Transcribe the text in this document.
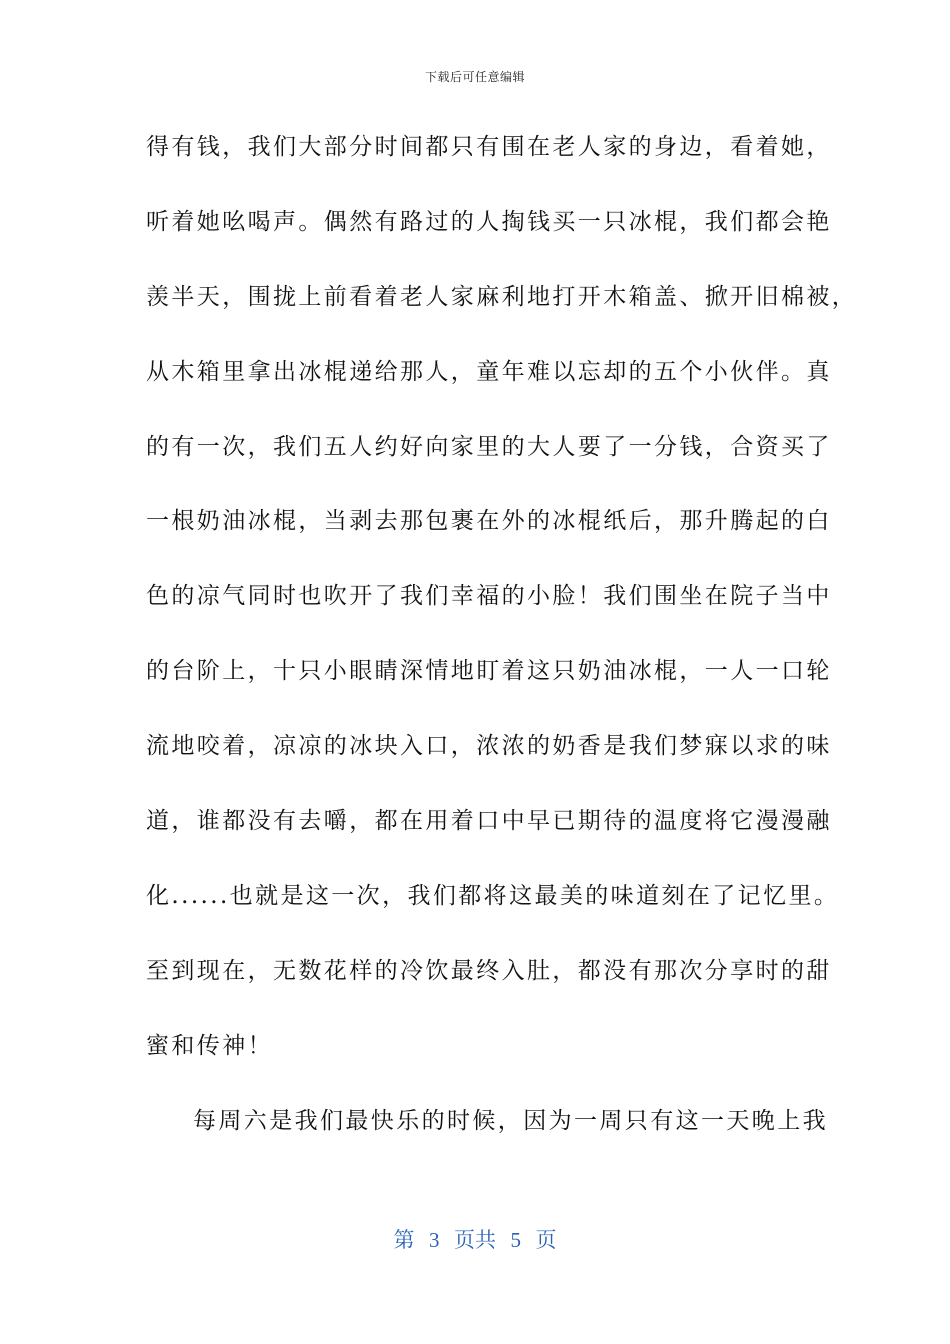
下载后可任意编辑
得有钱，我们大部分时间都只有围在老人家的身边，看着她，
听着她吆喝声。偶然有路过的人掏钱买一只冰棍，我们都会艳
羡半天，围拢上前看着老人家麻利地打开木箱盖、掀开旧棉被，
从木箱里拿出冰棍递给那人，童年难以忘却的五个小伙伴。真
的有一次，我们五人约好向家里的大人要了一分钱，合资买了
一根奶油冰棍，当剥去那包裹在外的冰棍纸后，那升腾起的白
色的凉气同时也吹开了我们幸福的小脸！我们围坐在院子当中
的台阶上，十只小眼睛深情地盯着这只奶油冰棍，一人一口轮
流地咬着，凉凉的冰块入口，浓浓的奶香是我们梦寐以求的味
道，谁都没有去嚼，都在用着口中早已期待的温度将它漫漫融
化......也就是这一次，我们都将这最美的味道刻在了记忆里。
至到现在，无数花样的冷饮最终入肚，都没有那次分享时的甜
蜜和传神！
每周六是我们最快乐的时候，因为一周只有这一天晚上我
第  3  页共  5  页
